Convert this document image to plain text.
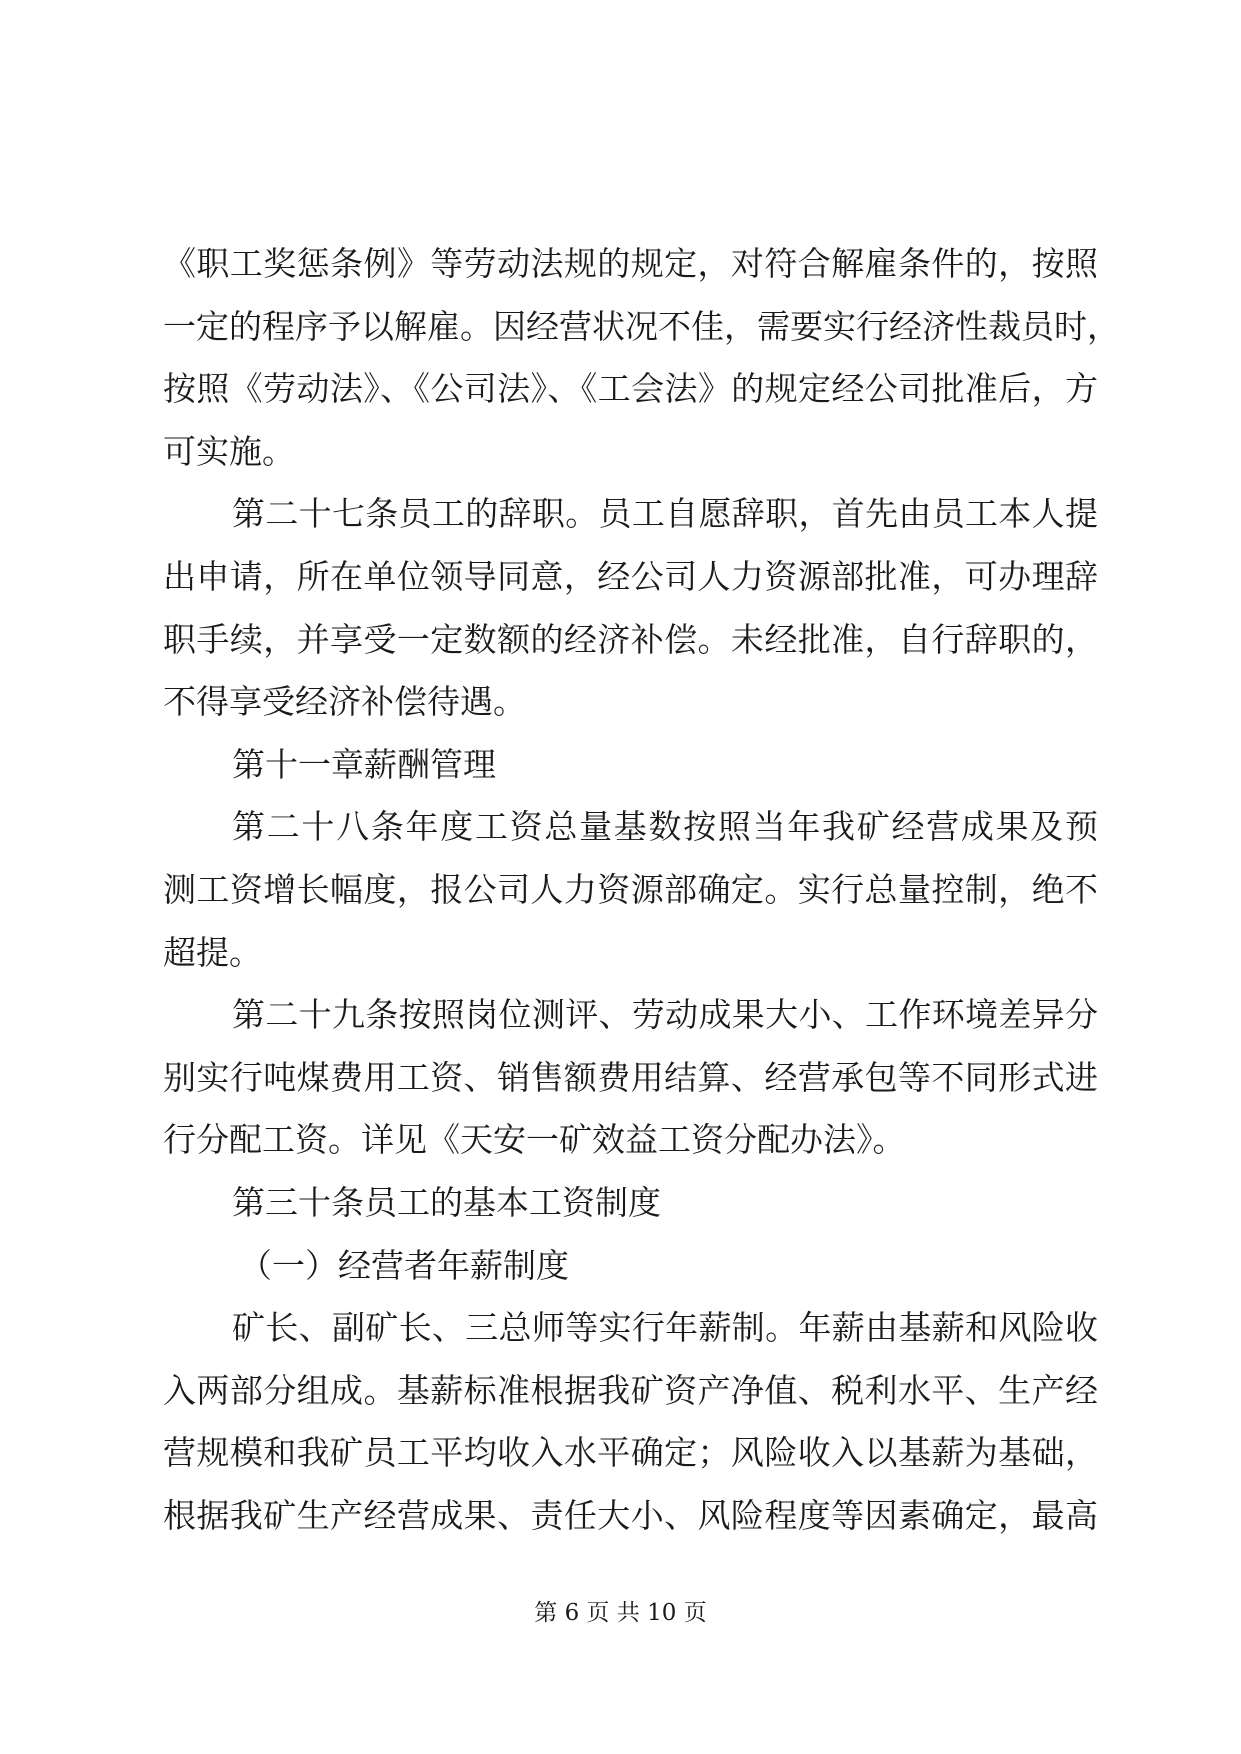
《职工奖惩条例》等劳动法规的规定，对符合解雇条件的，按照
一定的程序予以解雇。因经营状况不佳，需要实行经济性裁员时，
按照《劳动法》、《公司法》、《工会法》的规定经公司批准后，方
可实施。
第二十七条员工的辞职。员工自愿辞职，首先由员工本人提
出申请，所在单位领导同意，经公司人力资源部批准，可办理辞
职手续，并享受一定数额的经济补偿。未经批准，自行辞职的，
不得享受经济补偿待遇。
第十一章薪酬管理
第二十八条年度工资总量基数按照当年我矿经营成果及预
测工资增长幅度，报公司人力资源部确定。实行总量控制，绝不
超提。
第二十九条按照岗位测评、劳动成果大小、工作环境差异分
别实行吨煤费用工资、销售额费用结算、经营承包等不同形式进
行分配工资。详见《天安一矿效益工资分配办法》。
第三十条员工的基本工资制度
（一）经营者年薪制度
矿长、副矿长、三总师等实行年薪制。年薪由基薪和风险收
入两部分组成。基薪标准根据我矿资产净值、税利水平、生产经
营规模和我矿员工平均收入水平确定；风险收入以基薪为基础，
根据我矿生产经营成果、责任大小、风险程度等因素确定，最高
第 6 页 共 10 页
